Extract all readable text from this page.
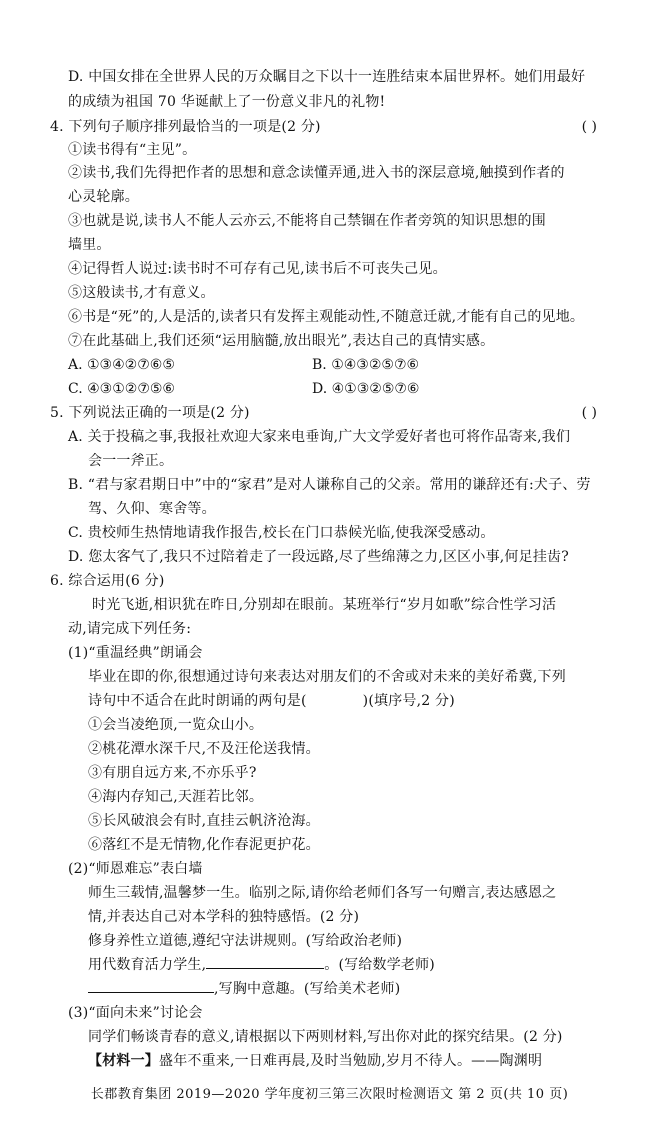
D. 中国女排在全世界人民的万众瞩目之下以十一连胜结束本届世界杯。她们用最好
的成绩为祖国 70 华诞献上了一份意义非凡的礼物!
4. 下列句子顺序排列最恰当的一项是(2 分)	( )
①读书得有“主见”。
②读书,我们先得把作者的思想和意念读懂弄通,进入书的深层意境,触摸到作者的
心灵轮廓。
③也就是说,读书人不能人云亦云,不能将自己禁锢在作者旁筑的知识思想的围
墙里。
④记得哲人说过:读书时不可存有己见,读书后不可丧失己见。
⑤这般读书,才有意义。
⑥书是“死”的,人是活的,读者只有发挥主观能动性,不随意迁就,才能有自己的见地。
⑦在此基础上,我们还须“运用脑髓,放出眼光”,表达自己的真情实感。
A. ①③④②⑦⑥⑤	B. ①④③②⑤⑦⑥
C. ④③①②⑦⑤⑥	D. ④①③②⑤⑦⑥
5. 下列说法正确的一项是(2 分)	( )
A. 关于投稿之事,我报社欢迎大家来电垂询,广大文学爱好者也可将作品寄来,我们
会一一斧正。
B. “君与家君期日中”中的“家君”是对人谦称自己的父亲。常用的谦辞还有:犬子、劳
驾、久仰、寒舍等。
C. 贵校师生热情地请我作报告,校长在门口恭候光临,使我深受感动。
D. 您太客气了,我只不过陪着走了一段远路,尽了些绵薄之力,区区小事,何足挂齿?
6. 综合运用(6 分)
时光飞逝,相识犹在昨日,分别却在眼前。某班举行“岁月如歌”综合性学习活
动,请完成下列任务:
(1)“重温经典”朗诵会
毕业在即的你,很想通过诗句来表达对朋友们的不舍或对未来的美好希冀,下列
诗句中不适合在此时朗诵的两句是(	)(填序号,2 分)
①会当凌绝顶,一览众山小。
②桃花潭水深千尺,不及汪伦送我情。
③有朋自远方来,不亦乐乎?
④海内存知己,天涯若比邻。
⑤长风破浪会有时,直挂云帆济沧海。
⑥落红不是无情物,化作春泥更护花。
(2)“师恩难忘”表白墙
师生三载情,温馨梦一生。临别之际,请你给老师们各写一句赠言,表达感恩之
情,并表达自己对本学科的独特感悟。(2 分)
修身养性立道德,遵纪守法讲规则。(写给政治老师)
用代数育活力学生,	。(写给数学老师)
,写胸中意趣。(写给美术老师)
(3)“面向未来”讨论会
同学们畅谈青春的意义,请根据以下两则材料,写出你对此的探究结果。(2 分)
【材料一】盛年不重来,一日难再晨,及时当勉励,岁月不待人。——陶渊明
长郡教育集团 2019—2020 学年度初三第三次限时检测语文 第 2 页(共 10 页)
